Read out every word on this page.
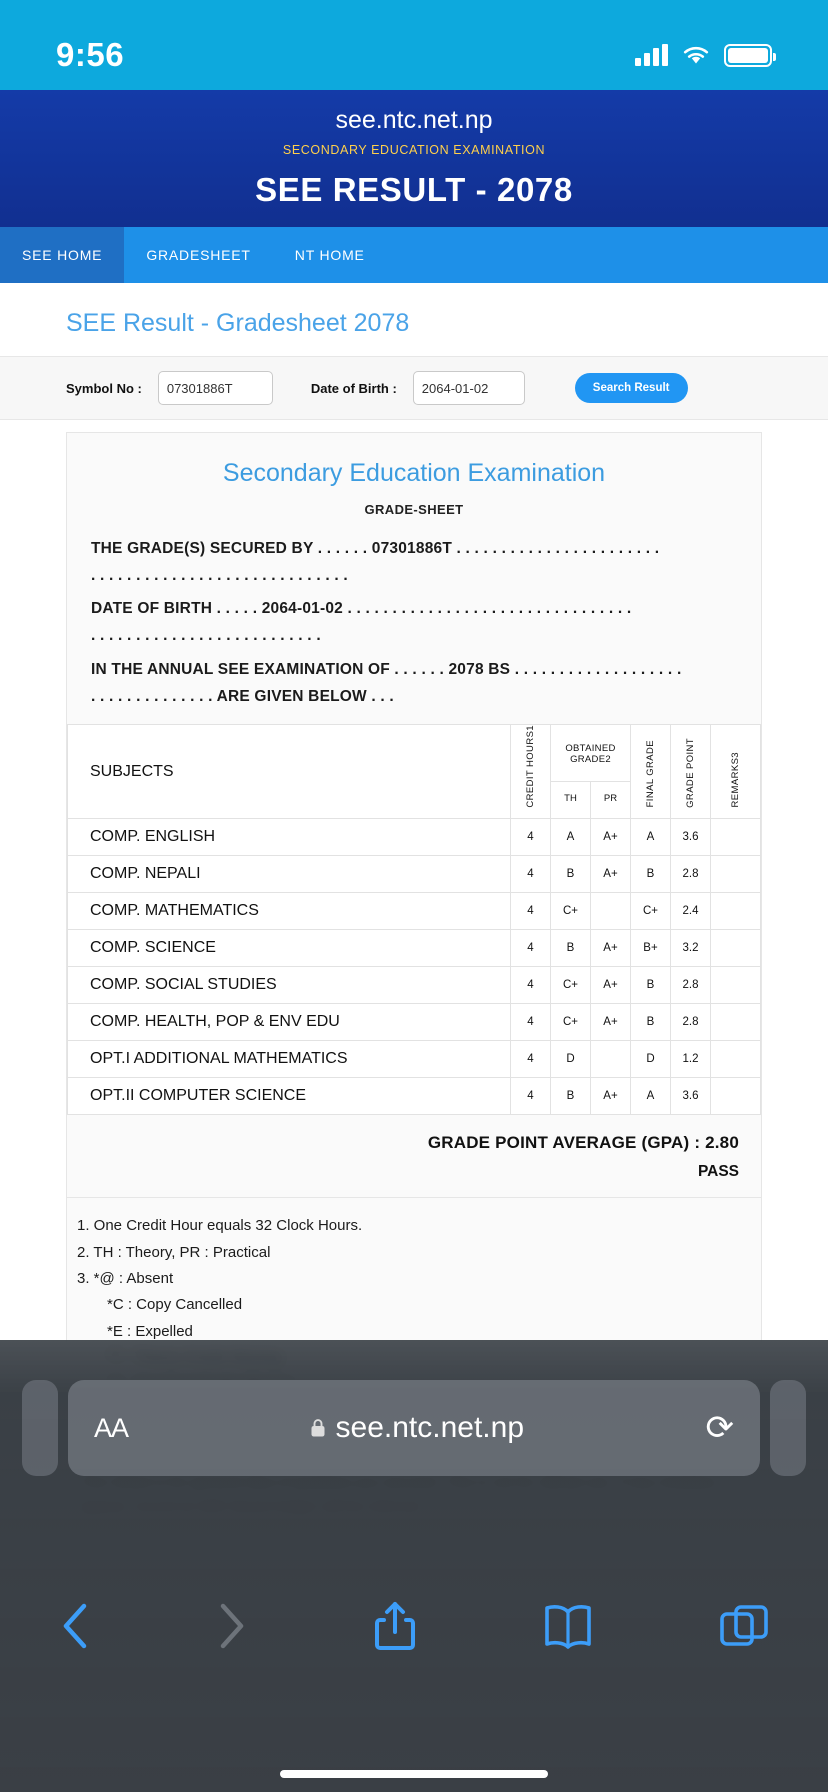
9:56
see.ntc.net.np
SECONDARY EDUCATION EXAMINATION
SEE RESULT - 2078
SEE HOME	GRADESHEET	NT HOME
SEE Result - Gradesheet 2078
Symbol No :
07301886T	Date of Birth :
2064-01-02	Search Result
Secondary Education Examination
GRADE-SHEET

THE GRADE(S) SECURED BY . . . . . . 07301886T . . . . . . . . . . . . . . . . . . . . . . .
. . . . . . . . . . . . . . . . . . . . . . . . . . . . .

DATE OF BIRTH . . . . . 2064-01-02 . . . . . . . . . . . . . . . . . . . . . . . . . . . . . . . .
. . . . . . . . . . . . . . . . . . . . . . . . . .

IN THE ANNUAL SEE EXAMINATION OF . . . . . . 2078 BS . . . . . . . . . . . . . . . . . . .
. . . . . . . . . . . . . . ARE GIVEN BELOW . . .

SUBJECTS	CREDIT HOURS1	OBTAINED GRADE2		FINAL GRADE	GRADE POINT	REMARKS3
		TH	PR			
COMP. ENGLISH	4	A	A+	A	3.6	
COMP. NEPALI	4	B	A+	B	2.8	
COMP. MATHEMATICS	4	C+		C+	2.4	
COMP. SCIENCE	4	B	A+	B+	3.2	
COMP. SOCIAL STUDIES	4	C+	A+	B	2.8	
COMP. HEALTH, POP & ENV EDU	4	C+	A+	B	2.8	
OPT.I ADDITIONAL MATHEMATICS	4	D		D	1.2	
OPT.II COMPUTER SCIENCE	4	B	A+	A	3.6	
GRADE POINT AVERAGE (GPA) : 2.80
PASS
1. One Credit Hour equals 32 Clock Hours.
2. TH : Theory, PR : Practical
3. *@ : Absent
*C : Copy Cancelled
*E : Expelled
AA	see.ntc.net.np	⟳
